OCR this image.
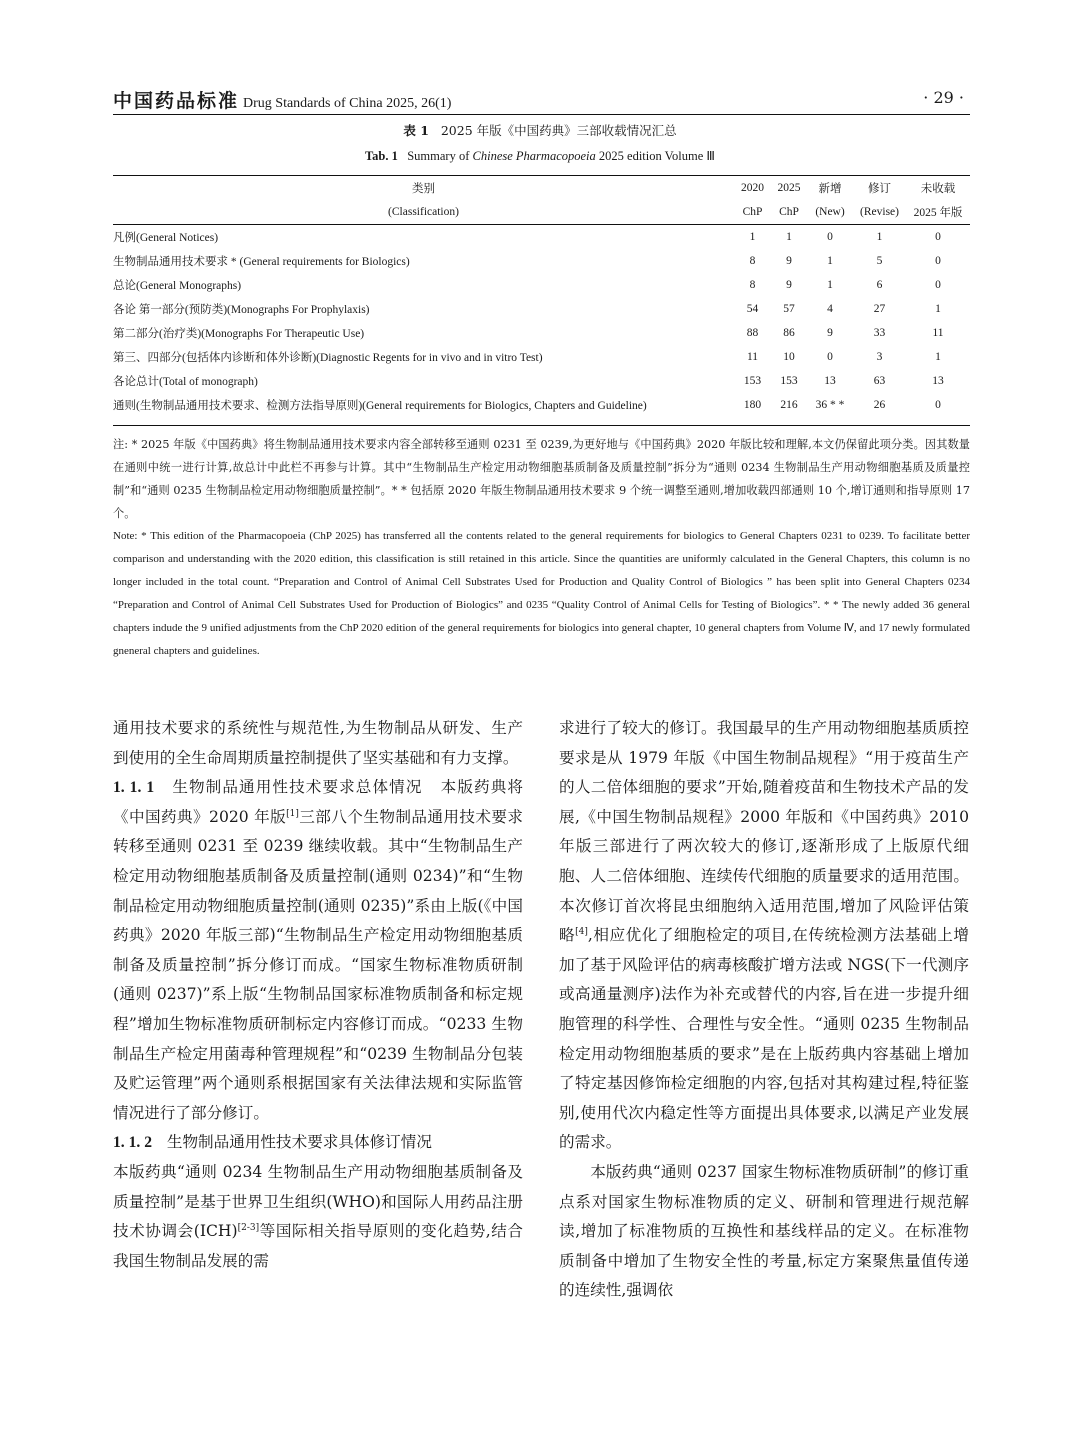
中国药品标准 Drug Standards of China 2025, 26(1)	· 29 ·
表 1 2025 年版《中国药典》三部收载情况汇总
Tab. 1 Summary of Chinese Pharmacopoeia 2025 edition Volume Ⅲ
类别	2020	2025	新增	修订	未收载
(Classification)	ChP	ChP	(New)	(Revise)	2025 年版
凡例(General Notices)	1	1	0	1	0
生物制品通用技术要求 * (General requirements for Biologics)	8	9	1	5	0
总论(General Monographs)	8	9	1	6	0
各论 第一部分(预防类)(Monographs For Prophylaxis)	54	57	4	27	1
第二部分(治疗类)(Monographs For Therapeutic Use)	88	86	9	33	11
第三、四部分(包括体内诊断和体外诊断)(Diagnostic Regents for in vivo and in vitro Test)	11	10	0	3	1
各论总计(Total of monograph)	153	153	13	63	13
通则(生物制品通用技术要求、检测方法指导原则)(General requirements for Biologics, Chapters and Guideline)	180	216	36 * *	26	0
注: * 2025 年版《中国药典》将生物制品通用技术要求内容全部转移至通则 0231 至 0239,为更好地与《中国药典》2020 年版比较和理解,本文仍保留此项分类。因其数量在通则中统一进行计算,故总计中此栏不再参与计算。其中“生物制品生产检定用动物细胞基质制备及质量控制”拆分为“通则 0234 生物制品生产用动物细胞基质及质量控制”和“通则 0235 生物制品检定用动物细胞质量控制”。* * 包括原 2020 年版生物制品通用技术要求 9 个统一调整至通则,增加收载四部通则 10 个,增订通则和指导原则 17 个。
Note: * This edition of the Pharmacopoeia (ChP 2025) has transferred all the contents related to the general requirements for biologics to General Chapters 0231 to 0239. To facilitate better comparison and understanding with the 2020 edition, this classification is still retained in this article. Since the quantities are uniformly calculated in the General Chapters, this column is no longer included in the total count. “Preparation and Control of Animal Cell Substrates Used for Production and Quality Control of Biologics ” has been split into General Chapters 0234 “Preparation and Control of Animal Cell Substrates Used for Production of Biologics” and 0235 “Quality Control of Animal Cells for Testing of Biologics”. * * The newly added 36 general chapters indude the 9 unified adjustments from the ChP 2020 edition of the general requirements for biologics into general chapter, 10 general chapters from Volume Ⅳ, and 17 newly formulated gneneral chapters and guidelines.

通用技术要求的系统性与规范性,为生物制品从研发、生产到使用的全生命周期质量控制提供了坚实基础和有力支撑。

1. 1. 1 生物制品通用性技术要求总体情况 本版药典将《中国药典》2020 年版[1]三部八个生物制品通用技术要求转移至通则 0231 至 0239 继续收载。其中“生物制品生产检定用动物细胞基质制备及质量控制(通则 0234)”和“生物制品检定用动物细胞质量控制(通则 0235)”系由上版(《中国药典》2020 年版三部)“生物制品生产检定用动物细胞基质制备及质量控制”拆分修订而成。“国家生物标准物质研制(通则 0237)”系上版“生物制品国家标准物质制备和标定规程”增加生物标准物质研制标定内容修订而成。“0233 生物制品生产检定用菌毒种管理规程”和“0239 生物制品分包装及贮运管理”两个通则系根据国家有关法律法规和实际监管情况进行了部分修订。

1. 1. 2 生物制品通用性技术要求具体修订情况

本版药典“通则 0234 生物制品生产用动物细胞基质制备及质量控制”是基于世界卫生组织(WHO)和国际人用药品注册技术协调会(ICH)[2-3]等国际相关指导原则的变化趋势,结合我国生物制品发展的需

求进行了较大的修订。我国最早的生产用动物细胞基质质控要求是从 1979 年版《中国生物制品规程》“用于疫苗生产的人二倍体细胞的要求”开始,随着疫苗和生物技术产品的发展,《中国生物制品规程》2000 年版和《中国药典》2010 年版三部进行了两次较大的修订,逐渐形成了上版原代细胞、人二倍体细胞、连续传代细胞的质量要求的适用范围。本次修订首次将昆虫细胞纳入适用范围,增加了风险评估策略[4],相应优化了细胞检定的项目,在传统检测方法基础上增加了基于风险评估的病毒核酸扩增方法或 NGS(下一代测序或高通量测序)法作为补充或替代的内容,旨在进一步提升细胞管理的科学性、合理性与安全性。“通则 0235 生物制品检定用动物细胞基质的要求”是在上版药典内容基础上增加了特定基因修饰检定细胞的内容,包括对其构建过程,特征鉴别,使用代次内稳定性等方面提出具体要求,以满足产业发展的需求。

本版药典“通则 0237 国家生物标准物质研制”的修订重点系对国家生物标准物质的定义、研制和管理进行规范解读,增加了标准物质的互换性和基线样品的定义。在标准物质制备中增加了生物安全性的考量,标定方案聚焦量值传递的连续性,强调依
